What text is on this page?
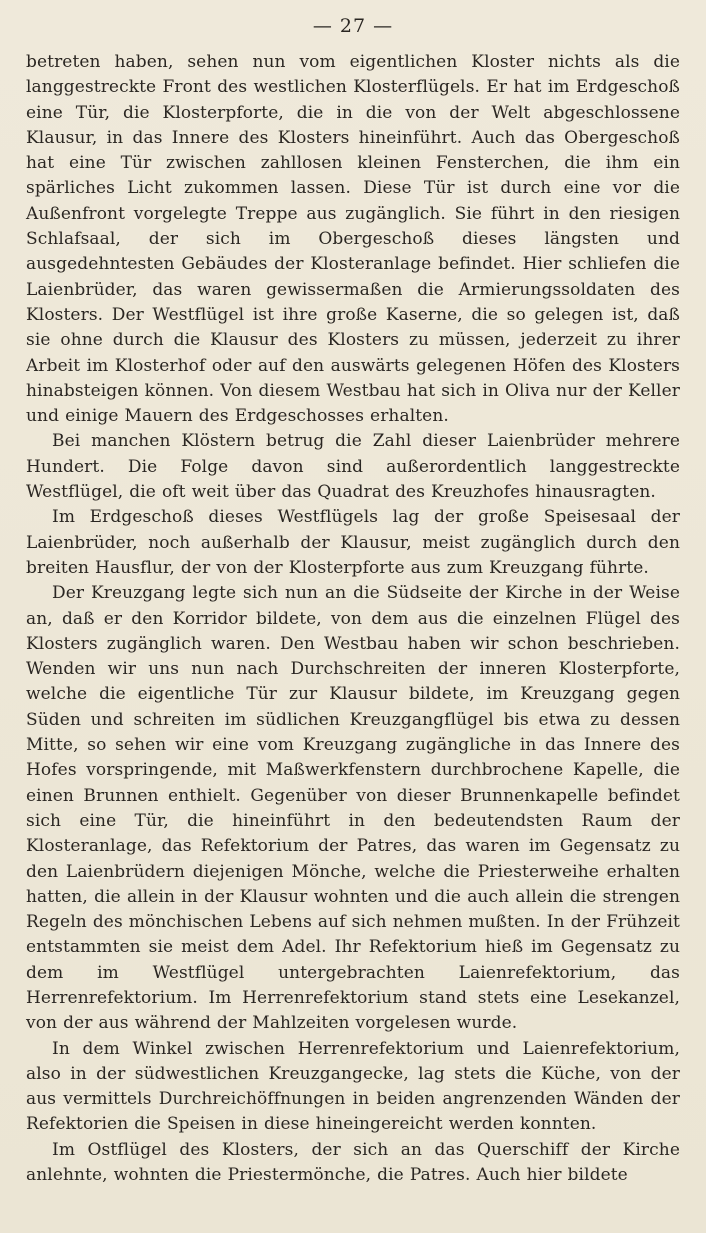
— 27 —

betreten haben, sehen nun vom eigentlichen Kloster nichts als die langgestreckte Front des westlichen Klosterflügels. Er hat im Erdgeschoß eine Tür, die Klosterpforte, die in die von der Welt abgeschlossene Klausur, in das Innere des Klosters hineinführt. Auch das Obergeschoß hat eine Tür zwischen zahllosen kleinen Fensterchen, die ihm ein spärliches Licht zukommen lassen. Diese Tür ist durch eine vor die Außenfront vorgelegte Treppe aus zugänglich. Sie führt in den riesigen Schlafsaal, der sich im Obergeschoß dieses längsten und ausgedehntesten Gebäudes der Klosteranlage befindet. Hier schliefen die Laienbrüder, das waren gewissermaßen die Armierungssoldaten des Klosters. Der Westflügel ist ihre große Kaserne, die so gelegen ist, daß sie ohne durch die Klausur des Klosters zu müssen, jederzeit zu ihrer Arbeit im Klosterhof oder auf den auswärts gelegenen Höfen des Klosters hinabsteigen können. Von diesem Westbau hat sich in Oliva nur der Keller und einige Mauern des Erdgeschosses erhalten.

Bei manchen Klöstern betrug die Zahl dieser Laienbrüder mehrere Hundert. Die Folge davon sind außerordentlich langgestreckte Westflügel, die oft weit über das Quadrat des Kreuzhofes hinausragten.

Im Erdgeschoß dieses Westflügels lag der große Speisesaal der Laienbrüder, noch außerhalb der Klausur, meist zugänglich durch den breiten Hausflur, der von der Klosterpforte aus zum Kreuzgang führte.

Der Kreuzgang legte sich nun an die Südseite der Kirche in der Weise an, daß er den Korridor bildete, von dem aus die einzelnen Flügel des Klosters zugänglich waren. Den Westbau haben wir schon beschrieben. Wenden wir uns nun nach Durchschreiten der inneren Klosterpforte, welche die eigentliche Tür zur Klausur bildete, im Kreuzgang gegen Süden und schreiten im südlichen Kreuzgangflügel bis etwa zu dessen Mitte, so sehen wir eine vom Kreuzgang zugängliche in das Innere des Hofes vorspringende, mit Maßwerkfenstern durchbrochene Kapelle, die einen Brunnen enthielt. Gegenüber von dieser Brunnenkapelle befindet sich eine Tür, die hineinführt in den bedeutendsten Raum der Klosteranlage, das Refektorium der Patres, das waren im Gegensatz zu den Laienbrüdern diejenigen Mönche, welche die Priesterweihe erhalten hatten, die allein in der Klausur wohnten und die auch allein die strengen Regeln des mönchischen Lebens auf sich nehmen mußten. In der Frühzeit entstammten sie meist dem Adel. Ihr Refektorium hieß im Gegensatz zu dem im Westflügel untergebrachten Laienrefektorium, das Herrenrefektorium. Im Herrenrefektorium stand stets eine Lesekanzel, von der aus während der Mahlzeiten vorgelesen wurde.

In dem Winkel zwischen Herrenrefektorium und Laienrefektorium, also in der südwestlichen Kreuzgangecke, lag stets die Küche, von der aus vermittels Durchreichöffnungen in beiden angrenzenden Wänden der Refektorien die Speisen in diese hineingereicht werden konnten.

Im Ostflügel des Klosters, der sich an das Querschiff der Kirche anlehnte, wohnten die Priestermönche, die Patres. Auch hier bildete
